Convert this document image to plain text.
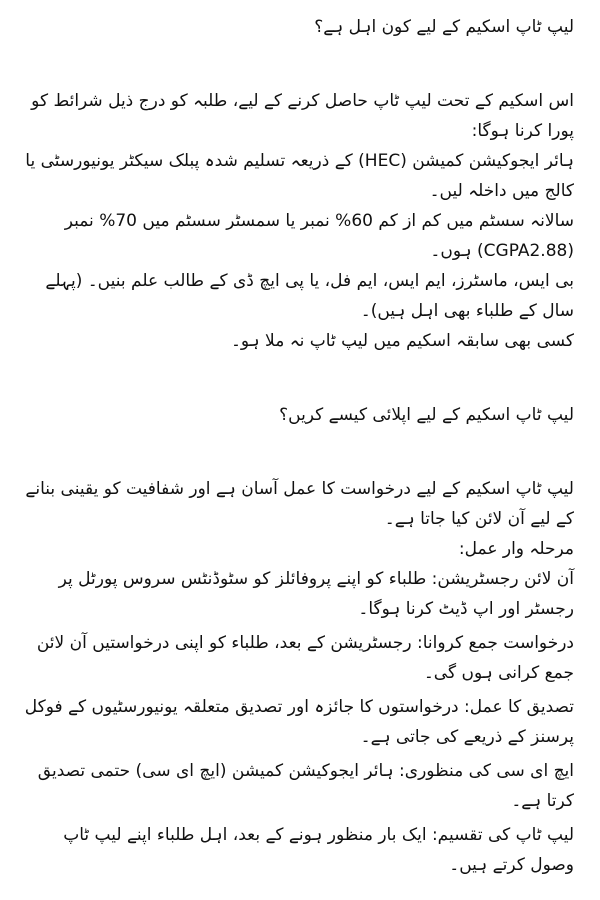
لیپ ٹاپ اسکیم کے لیے کون اہل ہے؟

اس اسکیم کے تحت لیپ ٹاپ حاصل کرنے کے لیے، طلبہ کو درج ذیل شرائط کو پورا کرنا ہوگا:

ہائر ایجوکیشن کمیشن (HEC) کے ذریعہ تسلیم شدہ پبلک سیکٹر یونیورسٹی یا کالج میں داخلہ لیں۔
سالانہ سسٹم میں کم از کم 60% نمبر یا سمسٹر سسٹم میں 70% نمبر (CGPA2.88) ہوں۔
بی ایس، ماسٹرز، ایم ایس، ایم فل، یا پی ایچ ڈی کے طالب علم بنیں۔ (پہلے سال کے طلباء بھی اہل ہیں)۔
کسی بھی سابقہ اسکیم میں لیپ ٹاپ نہ ملا ہو۔
لیپ ٹاپ اسکیم کے لیے اپلائی کیسے کریں؟

لیپ ٹاپ اسکیم کے لیے درخواست کا عمل آسان ہے اور شفافیت کو یقینی بنانے کے لیے آن لائن کیا جاتا ہے۔

مرحلہ وار عمل:

آن لائن رجسٹریشن: طلباء کو اپنے پروفائلز کو سٹوڈنٹس سروس پورٹل پر رجسٹر اور اپ ڈیٹ کرنا ہوگا۔

درخواست جمع کروانا: رجسٹریشن کے بعد، طلباء کو اپنی درخواستیں آن لائن جمع کرانی ہوں گی۔

تصدیق کا عمل: درخواستوں کا جائزہ اور تصدیق متعلقہ یونیورسٹیوں کے فوکل پرسنز کے ذریعے کی جاتی ہے۔

ایچ ای سی کی منظوری: ہائر ایجوکیشن کمیشن (ایچ ای سی) حتمی تصدیق کرتا ہے۔

لیپ ٹاپ کی تقسیم: ایک بار منظور ہونے کے بعد، اہل طلباء اپنے لیپ ٹاپ وصول کرتے ہیں۔
